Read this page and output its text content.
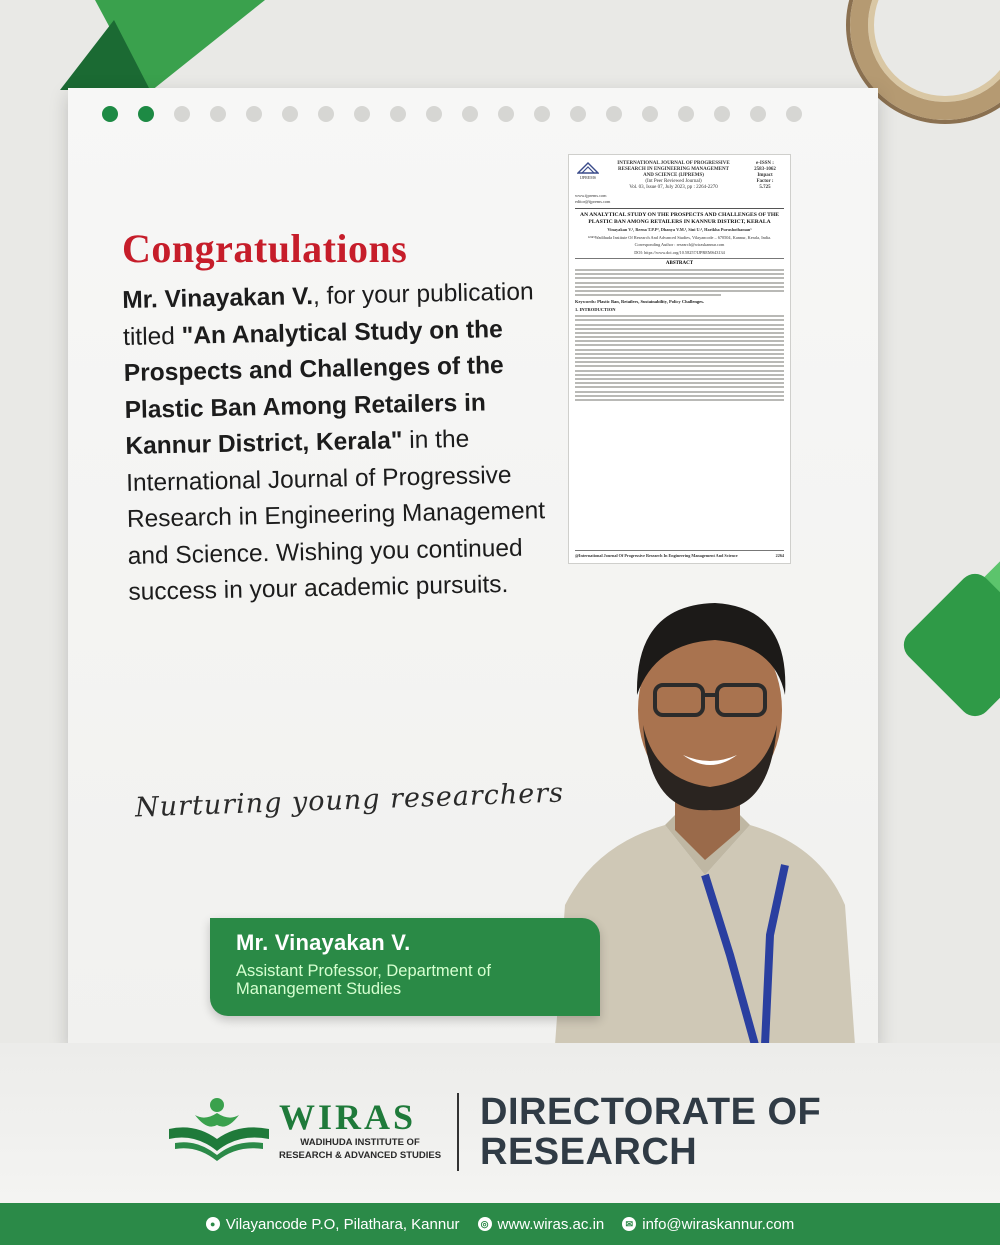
IJPREMS
INTERNATIONAL JOURNAL OF PROGRESSIVE
RESEARCH IN ENGINEERING MANAGEMENT
AND SCIENCE (IJPREMS)
(Int Peer Reviewed Journal)
Vol. 03, Issue 07, July 2023, pp : 2264-2270
e-ISSN :
2583-1062
Impact
Factor :
5.725
www.ijprems.com
editor@ijprems.com
AN ANALYTICAL STUDY ON THE PROSPECTS AND CHALLENGES OF THE PLASTIC BAN AMONG RETAILERS IN KANNUR DISTRICT, KERALA
Vinayakan V.¹, Reena T.P.P², Dhanya V.M.³, Sini U.⁴, Harikha Purushothaman⁵
¹²³⁴⁵Wadihuda Institute Of Research And Advanced Studies, Vilayancode – 670504, Kannur, Kerala, India.
Corresponding Author : research@wiraskannur.com
DOI: https://www.doi.org/10.58257/IJPREMS43134
ABSTRACT
Keywords: Plastic Ban, Retailers, Sustainability, Policy Challenges.
1. INTRODUCTION
@International Journal Of Progressive Research In Engineering Management And Science	2264
Congratulations
Mr. Vinayakan V., for your publication titled "An Analytical Study on the Prospects and Challenges of the Plastic Ban Among Retailers in Kannur District, Kerala" in the International Journal of Progressive Research in Engineering Management and Science. Wishing you continued success in your academic pursuits.
Nurturing young researchers
Mr. Vinayakan V.
Assistant Professor, Department of Manangement Studies
WIRAS
WADIHUDA INSTITUTE OF
RESEARCH & ADVANCED STUDIES
DIRECTORATE OF
RESEARCH
● Vilayancode P.O, Pilathara, Kannur	◎ www.wiras.ac.in	✉ info@wiraskannur.com
